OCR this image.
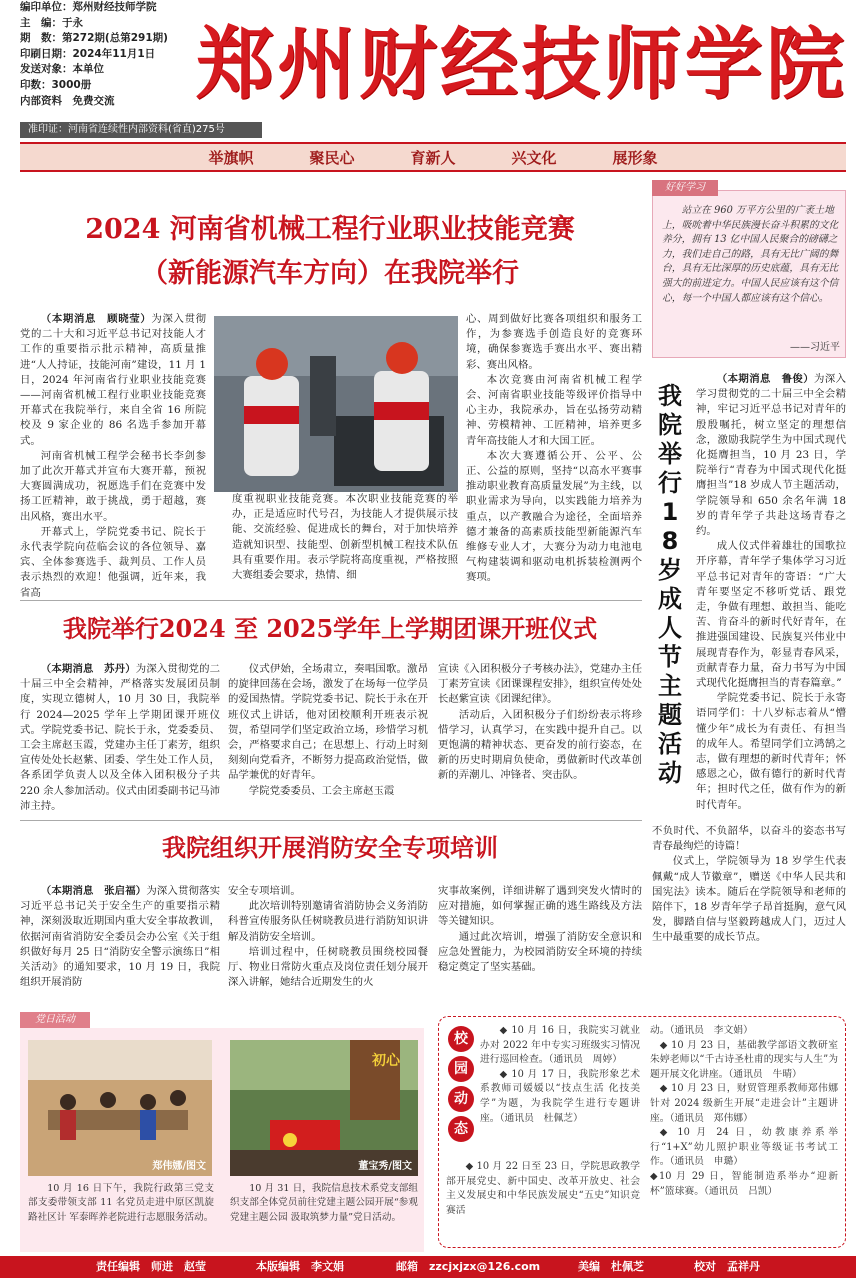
编印单位：郑州财经技师学院
主　编：于永
期　数：第272期(总第291期)
印刷日期：2024年11月1日
发送对象：本单位
印数：3000册
内部资料　免费交流	郑 州 财 经 技 师 学 院
准印证：河南省连续性内部资料(省直)275号
举旗帜	聚民心	育新人	兴文化	展形象
2024 河南省机械工程行业职业技能竞赛
（新能源汽车方向）在我院举行

（本期消息　顾晓莹）为深入贯彻党的二十大和习近平总书记对技能人才工作的重要指示批示精神，高质量推进“人人持证，技能河南”建设，11 月 1 日，2024 年河南省行业职业技能竞赛——河南省机械工程行业职业技能竞赛开幕式在我院举行，来自全省 16 所院校及 9 家企业的 86 名选手参加开幕式。

河南省机械工程学会秘书长李剑参加了此次开幕式并宣布大赛开幕，预祝大赛圆满成功，祝愿选手们在竞赛中发扬工匠精神，敢于挑战，勇于超越，赛出风格，赛出水平。

开幕式上，学院党委书记、院长于永代表学院向莅临会议的各位领导、嘉宾、全体参赛选手、裁判员、工作人员表示热烈的欢迎！他强调，近年来，我省高

度重视职业技能竞赛。本次职业技能竞赛的举办，正是适应时代号召，为技能人才提供展示技能、交流经验、促进成长的舞台，对于加快培养造就知识型、技能型、创新型机械工程技术队伍具有重要作用。表示学院将高度重视，严格按照大赛组委会要求，热情、细

心、周到做好比赛各项组织和服务工作，为参赛选手创造良好的竞赛环境，确保参赛选手赛出水平、赛出精彩、赛出风格。

本次竞赛由河南省机械工程学会、河南省职业技能等级评价指导中心主办，我院承办，旨在弘扬劳动精神、劳模精神、工匠精神，培养更多青年高技能人才和大国工匠。

本次大赛遵循公开、公平、公正、公益的原则，坚持“以高水平赛事推动职业教育高质量发展”为主线，以职业需求为导向，以实践能力培养为重点，以产教融合为途径，全面培养德才兼备的高素质技能型新能源汽车维修专业人才，大赛分为动力电池电气构建装调和驱动电机拆装检测两个赛项。

我院举行2024 至 2025学年上学期团课开班仪式

（本期消息　苏丹）为深入贯彻党的二十届三中全会精神，严格落实发展团员制度，实现立德树人，10 月 30 日，我院举行 2024—2025 学年上学期团课开班仪式。学院党委书记、院长于永，党委委员、工会主席赵玉霞，党建办主任丁素芳，组织宣传处处长赵紫、团委、学生处工作人员，各系团学负责人以及全体入团积极分子共 220 余人参加活动。仪式由团委副书记马沛沛主持。

仪式伊始，全场肃立，奏唱国歌。激昂的旋律回荡在会场，激发了在场每一位学员的爱国热情。学院党委书记、院长于永在开班仪式上讲话，他对团校顺利开班表示祝贺，希望同学们坚定政治立场，珍惜学习机会，严格要求自己；在思想上、行动上时刻刻刻向党看齐，不断努力提高政治觉悟，做品学兼优的好青年。

学院党委委员、工会主席赵玉霞

宣读《入团积极分子考核办法》，党建办主任丁素芳宣读《团课课程安排》，组织宣传处处长赵紫宣读《团课纪律》。

活动后，入团积极分子们纷纷表示将珍惜学习，认真学习，在实践中提升自己。以更饱满的精神状态、更奋发的前行姿态，在新的历史时期肩负使命，勇做新时代改革创新的弄潮儿、冲锋者、突击队。

我院组织开展消防安全专项培训

（本期消息　张启福）为深入贯彻落实习近平总书记关于安全生产的重要指示精神，深刻汲取近期国内重大安全事故教训，依据河南省消防安全委员会办公室《关于组织做好每月 25 日“消防安全警示演练日”相关活动》的通知要求，10 月 19 日，我院组织开展消防

安全专项培训。

此次培训特别邀请省消防协会义务消防科普宣传服务队任树晓教员进行消防知识讲解及消防安全培训。

培训过程中，任树晓教员围绕校园餐厅、物业日常防火重点及岗位责任划分展开深入讲解，她结合近期发生的火

灾事故案例，详细讲解了遇到突发火情时的应对措施，如何掌握正确的逃生路线及方法等关键知识。

通过此次培训，增强了消防安全意识和应急处置能力，为校园消防安全环境的持续稳定奠定了坚实基础。

好好学习

站立在 960 万平方公里的广袤土地上，吸吮着中华民族漫长奋斗积累的文化养分，拥有 13 亿中国人民聚合的磅礴之力，我们走自己的路，具有无比广阔的舞台，具有无比深厚的历史底蕴，具有无比强大的前进定力。中国人民应该有这个信心，每一个中国人都应该有这个信心。

——习近平
我
院
举
行
1
8
岁
成
人
节
主
题
活
动

（本期消息　鲁俊）为深入学习贯彻党的二十届三中全会精神，牢记习近平总书记对青年的殷殷嘱托，树立坚定的理想信念，激励我院学生为中国式现代化挺膺担当，10 月 23 日，学院举行“青春为中国式现代化挺膺担当”18 岁成人节主题活动，学院领导和 650 余名年满 18 岁的青年学子共赴这场青春之约。

成人仪式伴着雄壮的国歌拉开序幕，青年学子集体学习习近平总书记对青年的寄语：“广大青年要坚定不移听党话、跟党走，争做有理想、敢担当、能吃苦、肯奋斗的新时代好青年，在推进强国建设、民族复兴伟业中展现青春作为，彰显青春风采，贡献青春力量，奋力书写为中国式现代化挺膺担当的青春篇章。”

学院党委书记、院长于永寄语同学们：十八岁标志着从“懵懂少年”成长为有责任、有担当的成年人。希望同学们立鸿鹄之志，做有理想的新时代青年；怀感恩之心，做有德行的新时代青年；担时代之任，做有作为的新时代青年。

不负时代、不负韶华，以奋斗的姿态书写青春最绚烂的诗篇！

仪式上，学院领导为 18 岁学生代表佩戴“成人节徽章”，赠送《中华人民共和国宪法》读本。随后在学院领导和老师的陪伴下，18 岁青年学子昂首挺胸，意气风发，脚踏自信与坚毅跨越成人门，迈过人生中最重要的成长节点。

党日活动
郑伟娜/图文
初心
董宝秀/图文

10 月 16 日下午，我院行政第三党支部支委带领支部 11 名党员走进中原区凯旋路社区计 军泰晖养老院进行志愿服务活动。

10 月 31 日，我院信息技术系党支部组织支部全体党员前往党建主题公园开展“参观党建主题公园 汲取筑梦力量”党日活动。

校
园
动
态

◆ 10 月 16 日，我院实习就业办对 2022 年中专实习班级实习情况进行巡回检查。（通讯员　周婷）

◆ 10 月 17 日，我院形象艺术系教师司媛媛以“技点生活 化技美学”为题，为我院学生进行专题讲座。（通讯员　杜佩芝）

◆ 10 月 22 日至 23 日，学院思政教学部开展党史、新中国史、改革开放史、社会主义发展史和中华民族发展史“五史”知识竞赛活

动。（通讯员　李文娟）

◆ 10 月 23 日，基础教学部语文教研室朱婷老师以“千古诗圣杜甫的现实与人生”为题开展文化讲座。（通讯员　牛晴）

◆ 10 月 23 日，财贸管理系教师郑伟娜针对 2024 级新生开展“走进会计”主题讲座。（通讯员　郑伟娜）

◆ 10 月 24 日，幼教康养系举行“1+X”幼儿照护职业等级证书考试工作。（通讯员　申璐）

◆10 月 29 日，智能制造系举办“迎新杯”篮球赛。（通讯员　吕凯）

责任编辑　师进　赵莹	本版编辑　李文娟	邮箱　zzcjxjzx@126.com	美编　杜佩芝	校对　孟祥丹
